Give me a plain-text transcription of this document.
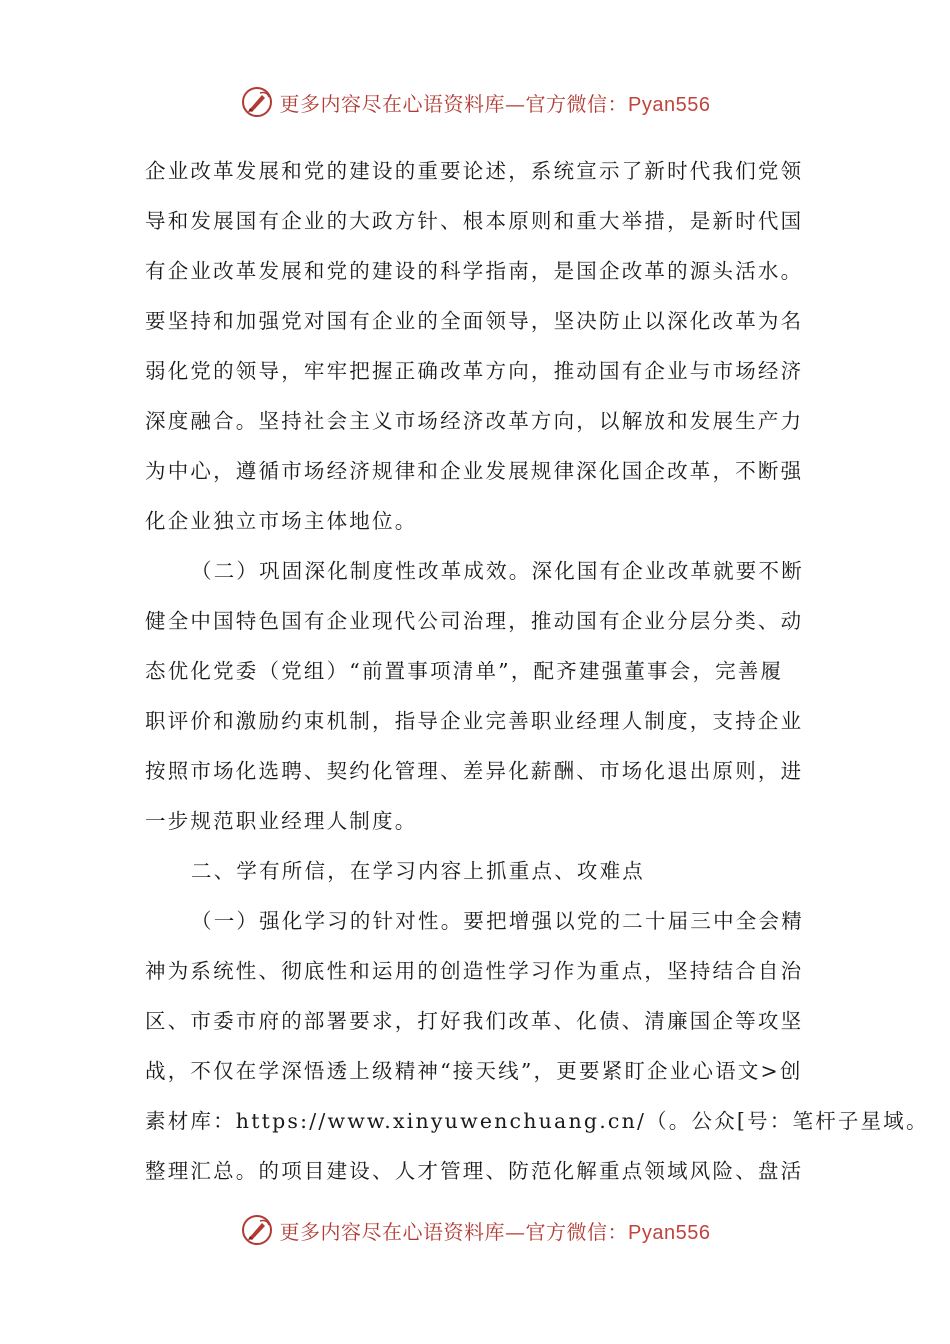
更多内容尽在心语资料库—官方微信：Pyan556
企业改革发展和党的建设的重要论述，系统宣示了新时代我们党领
导和发展国有企业的大政方针、根本原则和重大举措，是新时代国
有企业改革发展和党的建设的科学指南，是国企改革的源头活水。
要坚持和加强党对国有企业的全面领导，坚决防止以深化改革为名
弱化党的领导，牢牢把握正确改革方向，推动国有企业与市场经济
深度融合。坚持社会主义市场经济改革方向，以解放和发展生产力
为中心，遵循市场经济规律和企业发展规律深化国企改革，不断强
化企业独立市场主体地位。
（二）巩固深化制度性改革成效。深化国有企业改革就要不断
健全中国特色国有企业现代公司治理，推动国有企业分层分类、动
态优化党委（党组）“前置事项清单”，配齐建强董事会，完善履
职评价和激励约束机制，指导企业完善职业经理人制度，支持企业
按照市场化选聘、契约化管理、差异化薪酬、市场化退出原则，进
一步规范职业经理人制度。
二、学有所信，在学习内容上抓重点、攻难点
（一）强化学习的针对性。要把增强以党的二十届三中全会精
神为系统性、彻底性和运用的创造性学习作为重点，坚持结合自治
区、市委市府的部署要求，打好我们改革、化债、清廉国企等攻坚
战，不仅在学深悟透上级精神“接天线”，更要紧盯企业心语文>创
素材库：https://www.xinyuwenchuang.cn/（。公众[号：笔杆子星域。
整理汇总。的项目建设、人才管理、防范化解重点领域风险、盘活
更多内容尽在心语资料库—官方微信：Pyan556
